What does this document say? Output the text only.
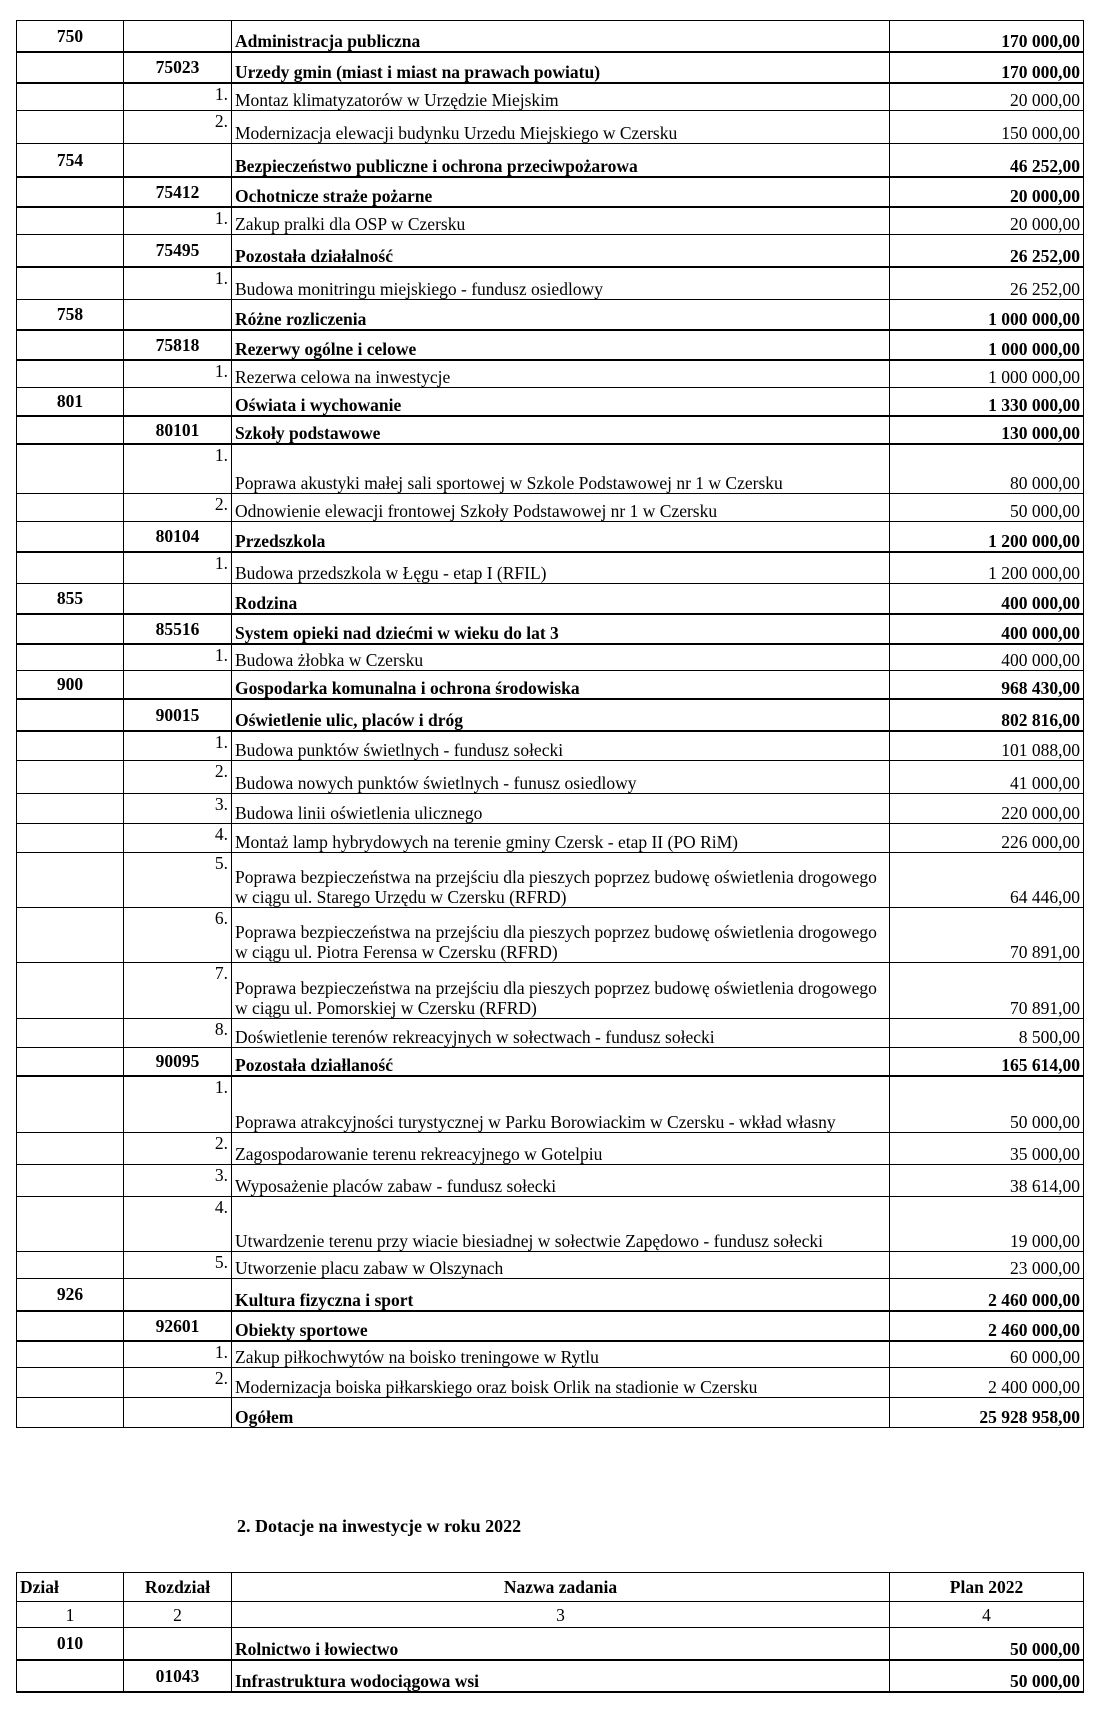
750		Administracja publiczna	170 000,00
	75023	Urzedy gmin (miast i miast na prawach powiatu)	170 000,00
	1.	Montaz klimatyzatorów w Urzędzie Miejskim	20 000,00
	2.	Modernizacja elewacji budynku Urzedu Miejskiego w Czersku	150 000,00
754		Bezpieczeństwo publiczne i ochrona przeciwpożarowa	46 252,00
	75412	Ochotnicze straże pożarne	20 000,00
	1.	Zakup pralki dla OSP w Czersku	20 000,00
	75495	Pozostała działalność	26 252,00
	1.	Budowa monitringu miejskiego - fundusz osiedlowy	26 252,00
758		Różne rozliczenia	1 000 000,00
	75818	Rezerwy ogólne i celowe	1 000 000,00
	1.	Rezerwa celowa na inwestycje	1 000 000,00
801		Oświata i wychowanie	1 330 000,00
	80101	Szkoły podstawowe	130 000,00
	1.	Poprawa akustyki małej sali sportowej w Szkole Podstawowej nr 1 w Czersku	80 000,00
	2.	Odnowienie elewacji frontowej Szkoły Podstawowej nr 1 w Czersku	50 000,00
	80104	Przedszkola	1 200 000,00
	1.	Budowa przedszkola w Łęgu - etap I (RFIL)	1 200 000,00
855		Rodzina	400 000,00
	85516	System opieki nad dziećmi w wieku do lat 3	400 000,00
	1.	Budowa żłobka w Czersku	400 000,00
900		Gospodarka komunalna i ochrona środowiska	968 430,00
	90015	Oświetlenie ulic, placów i dróg	802 816,00
	1.	Budowa punktów świetlnych - fundusz sołecki	101 088,00
	2.	Budowa nowych punktów świetlnych - funusz osiedlowy	41 000,00
	3.	Budowa linii oświetlenia ulicznego	220 000,00
	4.	Montaż lamp hybrydowych na terenie gminy Czersk - etap II (PO RiM)	226 000,00
	5.	Poprawa bezpieczeństwa na przejściu dla pieszych poprzez budowę oświetlenia drogowego w ciągu ul. Starego Urzędu w Czersku (RFRD)	64 446,00
	6.	Poprawa bezpieczeństwa na przejściu dla pieszych poprzez budowę oświetlenia drogowego w ciągu ul. Piotra Ferensa w Czersku (RFRD)	70 891,00
	7.	Poprawa bezpieczeństwa na przejściu dla pieszych poprzez budowę oświetlenia drogowego w ciągu ul. Pomorskiej w Czersku (RFRD)	70 891,00
	8.	Doświetlenie terenów rekreacyjnych w sołectwach - fundusz sołecki	8 500,00
	90095	Pozostała działlaność	165 614,00
	1.	Poprawa atrakcyjności turystycznej w Parku Borowiackim w Czersku - wkład własny	50 000,00
	2.	Zagospodarowanie terenu rekreacyjnego w Gotelpiu	35 000,00
	3.	Wyposażenie placów zabaw - fundusz sołecki	38 614,00
	4.	Utwardzenie terenu przy wiacie biesiadnej w sołectwie Zapędowo - fundusz sołecki	19 000,00
	5.	Utworzenie placu zabaw w Olszynach	23 000,00
926		Kultura fizyczna i sport	2 460 000,00
	92601	Obiekty sportowe	2 460 000,00
	1.	Zakup piłkochwytów na boisko treningowe w Rytlu	60 000,00
	2.	Modernizacja boiska piłkarskiego oraz boisk Orlik na stadionie w Czersku	2 400 000,00
		Ogółem	25 928 958,00
2. Dotacje na inwestycje w roku 2022
Dział	Rozdział	Nazwa zadania	Plan 2022
1	2	3	4
010		Rolnictwo i łowiectwo	50 000,00
	01043	Infrastruktura wodociągowa wsi	50 000,00
